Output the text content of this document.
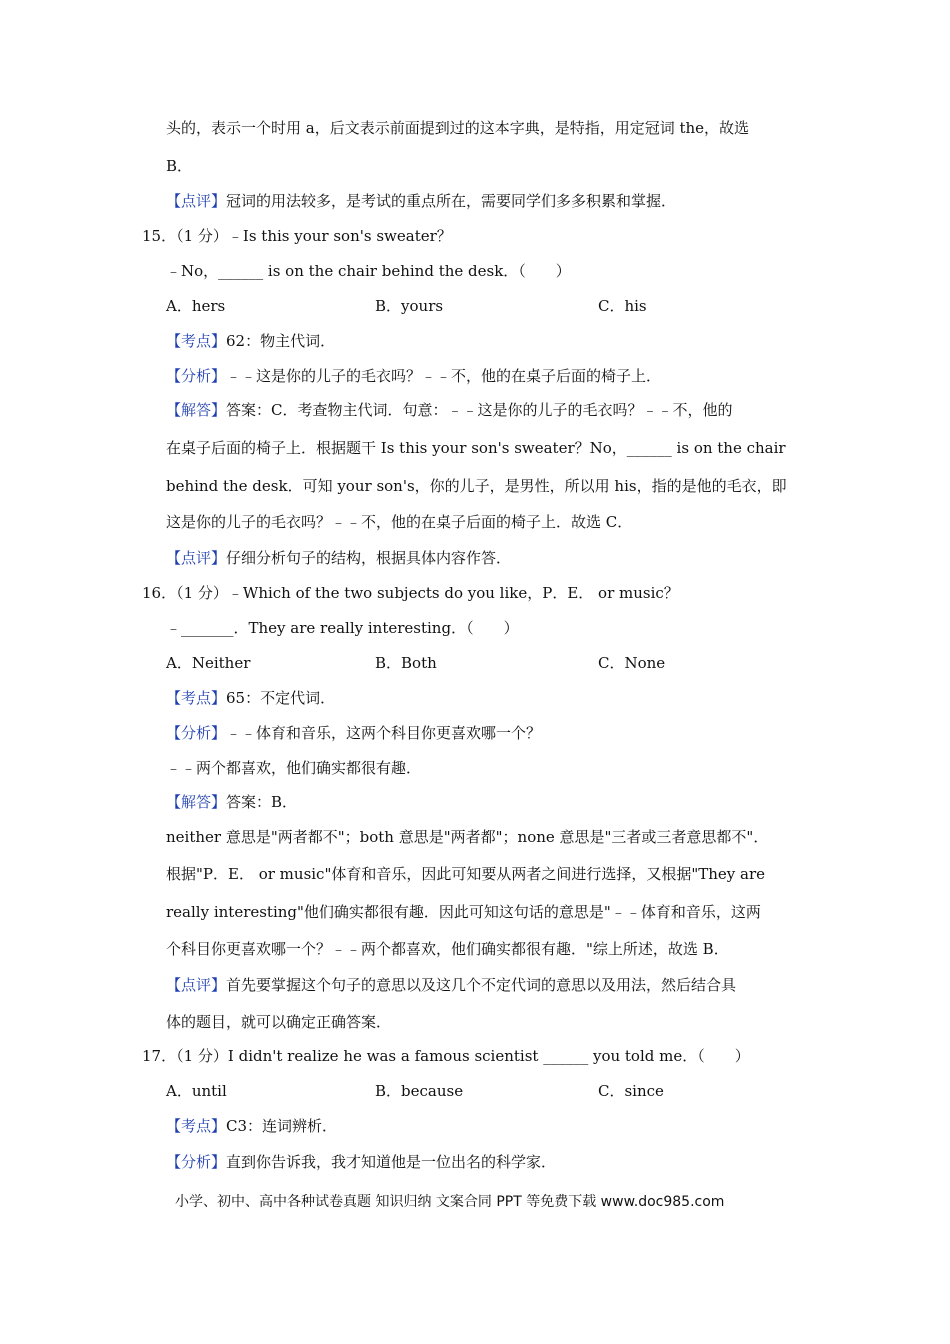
头的，表示一个时用 a，后文表示前面提到过的这本字典，是特指，用定冠词 the，故选
B．
【点评】冠词的用法较多，是考试的重点所在，需要同学们多多积累和掌握．
15．（1 分）﹣Is this your son's sweater？
﹣No，______ is on the chair behind the desk．（　　）
A．hers	B．yours	C．his
【考点】62：物主代词．
【分析】﹣﹣这是你的儿子的毛衣吗？﹣﹣不，他的在桌子后面的椅子上．
【解答】答案：C．考查物主代词．句意：﹣﹣这是你的儿子的毛衣吗？﹣﹣不，他的
在桌子后面的椅子上．根据题干 Is this your son's sweater？No，______ is on the chair
behind the desk．可知 your son's，你的儿子，是男性，所以用 his，指的是他的毛衣，即
这是你的儿子的毛衣吗？﹣﹣不，他的在桌子后面的椅子上．故选 C．
【点评】仔细分析句子的结构，根据具体内容作答．
16．（1 分）﹣Which of the two subjects do you like，P．E． or music？
﹣_______．They are really interesting．（　　）
A．Neither	B．Both	C．None
【考点】65：不定代词．
【分析】﹣﹣体育和音乐，这两个科目你更喜欢哪一个？
﹣﹣两个都喜欢，他们确实都很有趣．
【解答】答案：B．
neither 意思是"两者都不"；both 意思是"两者都"；none 意思是"三者或三者意思都不"．
根据"P．E． or music"体育和音乐，因此可知要从两者之间进行选择，又根据"They are
really interesting"他们确实都很有趣．因此可知这句话的意思是"﹣﹣体育和音乐，这两
个科目你更喜欢哪一个？﹣﹣两个都喜欢，他们确实都很有趣．"综上所述，故选 B．
【点评】首先要掌握这个句子的意思以及这几个不定代词的意思以及用法，然后结合具
体的题目，就可以确定正确答案．
17．（1 分）I didn't realize he was a famous scientist ______ you told me．（　　）
A．until	B．because	C．since
【考点】C3：连词辨析．
【分析】直到你告诉我，我才知道他是一位出名的科学家．
小学、初中、高中各种试卷真题 知识归纳 文案合同 PPT 等免费下载 www.doc985.com
